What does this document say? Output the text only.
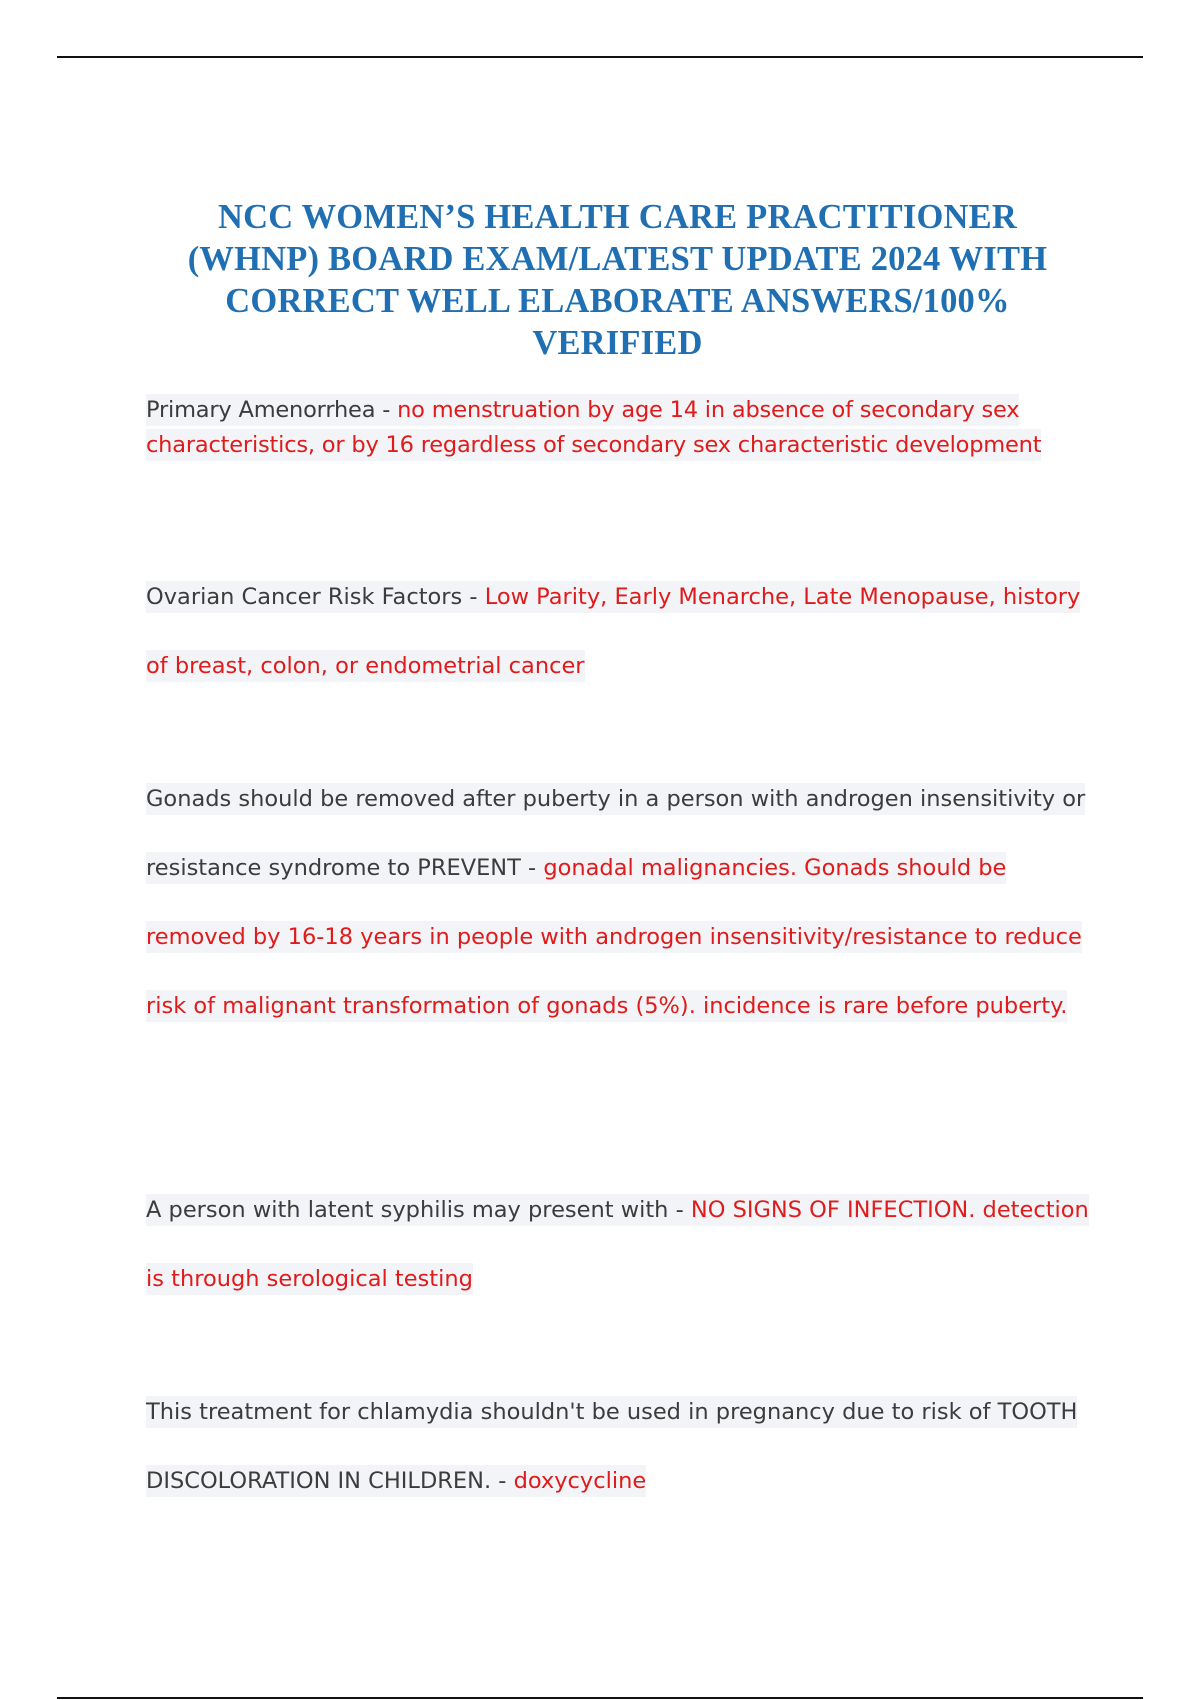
NCC WOMEN’S HEALTH CARE PRACTITIONER (WHNP) BOARD EXAM/LATEST UPDATE 2024 WITH CORRECT WELL ELABORATE ANSWERS/100% VERIFIED

Primary Amenorrhea - no menstruation by age 14 in absence of secondary sex characteristics, or by 16 regardless of secondary sex characteristic development

Ovarian Cancer Risk Factors - Low Parity, Early Menarche, Late Menopause, history of breast, colon, or endometrial cancer

Gonads should be removed after puberty in a person with androgen insensitivity or resistance syndrome to PREVENT - gonadal malignancies. Gonads should be removed by 16-18 years in people with androgen insensitivity/resistance to reduce risk of malignant transformation of gonads (5%). incidence is rare before puberty.

A person with latent syphilis may present with - NO SIGNS OF INFECTION. detection is through serological testing

This treatment for chlamydia shouldn't be used in pregnancy due to risk of TOOTH DISCOLORATION IN CHILDREN. - doxycycline
